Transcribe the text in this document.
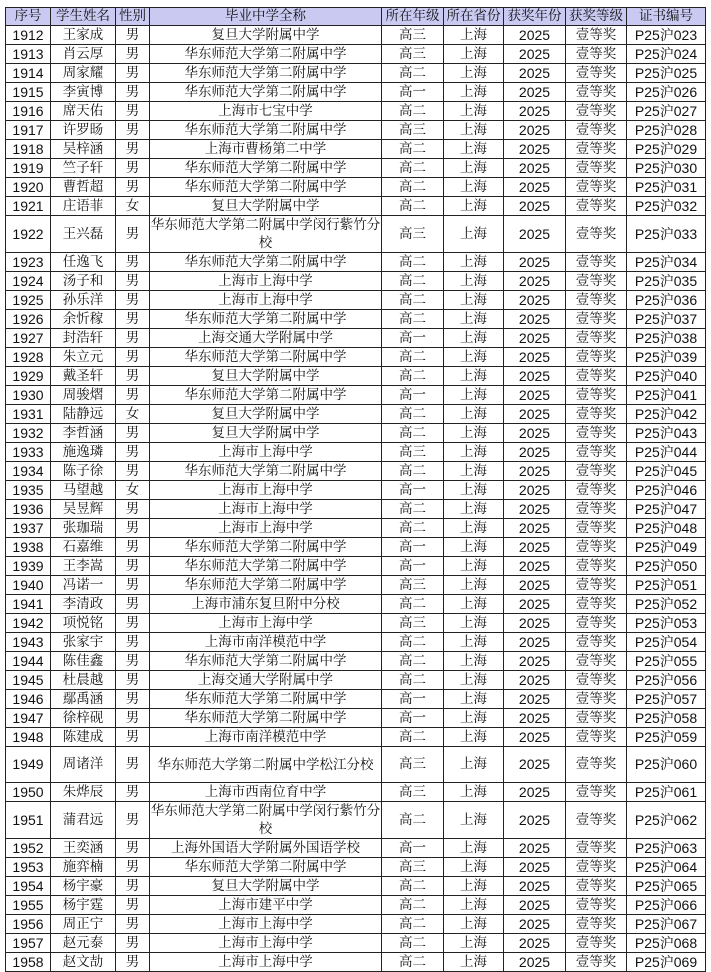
序号	学生姓名	性别	毕业中学全称	所在年级	所在省份	获奖年份	获奖等级	证书编号
1912	王家成	男	复旦大学附属中学	高三	上海	2025	壹等奖	P25沪023
1913	肖云厚	男	华东师范大学第二附属中学	高三	上海	2025	壹等奖	P25沪024
1914	周家耀	男	华东师范大学第二附属中学	高二	上海	2025	壹等奖	P25沪025
1915	李寅博	男	华东师范大学第二附属中学	高一	上海	2025	壹等奖	P25沪026
1916	席天佑	男	上海市七宝中学	高二	上海	2025	壹等奖	P25沪027
1917	许罗旸	男	华东师范大学第二附属中学	高三	上海	2025	壹等奖	P25沪028
1918	吴梓涵	男	上海市曹杨第二中学	高二	上海	2025	壹等奖	P25沪029
1919	竺子轩	男	华东师范大学第二附属中学	高二	上海	2025	壹等奖	P25沪030
1920	曹哲超	男	华东师范大学第二附属中学	高二	上海	2025	壹等奖	P25沪031
1921	庄语菲	女	复旦大学附属中学	高二	上海	2025	壹等奖	P25沪032
1922	王兴磊	男	华东师范大学第二附属中学闵行紫竹分校	高三	上海	2025	壹等奖	P25沪033
1923	任逸飞	男	华东师范大学第二附属中学	高二	上海	2025	壹等奖	P25沪034
1924	汤子和	男	上海市上海中学	高二	上海	2025	壹等奖	P25沪035
1925	孙乐洋	男	上海市上海中学	高二	上海	2025	壹等奖	P25沪036
1926	余忻稼	男	华东师范大学第二附属中学	高二	上海	2025	壹等奖	P25沪037
1927	封浩轩	男	上海交通大学附属中学	高一	上海	2025	壹等奖	P25沪038
1928	朱立元	男	华东师范大学第二附属中学	高二	上海	2025	壹等奖	P25沪039
1929	戴圣轩	男	复旦大学附属中学	高二	上海	2025	壹等奖	P25沪040
1930	周骏熠	男	华东师范大学第二附属中学	高一	上海	2025	壹等奖	P25沪041
1931	陆静远	女	复旦大学附属中学	高二	上海	2025	壹等奖	P25沪042
1932	李哲涵	男	复旦大学附属中学	高二	上海	2025	壹等奖	P25沪043
1933	施逸璘	男	上海市上海中学	高三	上海	2025	壹等奖	P25沪044
1934	陈子徐	男	华东师范大学第二附属中学	高二	上海	2025	壹等奖	P25沪045
1935	马望越	女	上海市上海中学	高一	上海	2025	壹等奖	P25沪046
1936	吴昱辉	男	上海市上海中学	高二	上海	2025	壹等奖	P25沪047
1937	张珈瑞	男	上海市上海中学	高二	上海	2025	壹等奖	P25沪048
1938	石嘉维	男	华东师范大学第二附属中学	高一	上海	2025	壹等奖	P25沪049
1939	王李嵩	男	华东师范大学第二附属中学	高一	上海	2025	壹等奖	P25沪050
1940	冯诺一	男	华东师范大学第二附属中学	高三	上海	2025	壹等奖	P25沪051
1941	李清政	男	上海市浦东复旦附中分校	高二	上海	2025	壹等奖	P25沪052
1942	项悦铭	男	上海市上海中学	高三	上海	2025	壹等奖	P25沪053
1943	张家宇	男	上海市南洋模范中学	高二	上海	2025	壹等奖	P25沪054
1944	陈佳鑫	男	华东师范大学第二附属中学	高二	上海	2025	壹等奖	P25沪055
1945	杜晨越	男	上海交通大学附属中学	高二	上海	2025	壹等奖	P25沪056
1946	鄢禹涵	男	华东师范大学第二附属中学	高一	上海	2025	壹等奖	P25沪057
1947	徐梓砚	男	华东师范大学第二附属中学	高一	上海	2025	壹等奖	P25沪058
1948	陈建成	男	上海市南洋模范中学	高二	上海	2025	壹等奖	P25沪059
1949	周诸洋	男	华东师范大学第二附属中学松江分校	高三	上海	2025	壹等奖	P25沪060
1950	朱烨辰	男	上海市西南位育中学	高三	上海	2025	壹等奖	P25沪061
1951	蒲君远	男	华东师范大学第二附属中学闵行紫竹分校	高二	上海	2025	壹等奖	P25沪062
1952	王奕涵	男	上海外国语大学附属外国语学校	高一	上海	2025	壹等奖	P25沪063
1953	施弈楠	男	华东师范大学第二附属中学	高三	上海	2025	壹等奖	P25沪064
1954	杨宇豪	男	复旦大学附属中学	高二	上海	2025	壹等奖	P25沪065
1955	杨宇霆	男	上海市建平中学	高二	上海	2025	壹等奖	P25沪066
1956	周正宁	男	上海市上海中学	高二	上海	2025	壹等奖	P25沪067
1957	赵元泰	男	上海市上海中学	高二	上海	2025	壹等奖	P25沪068
1958	赵文劼	男	上海市上海中学	高二	上海	2025	壹等奖	P25沪069
